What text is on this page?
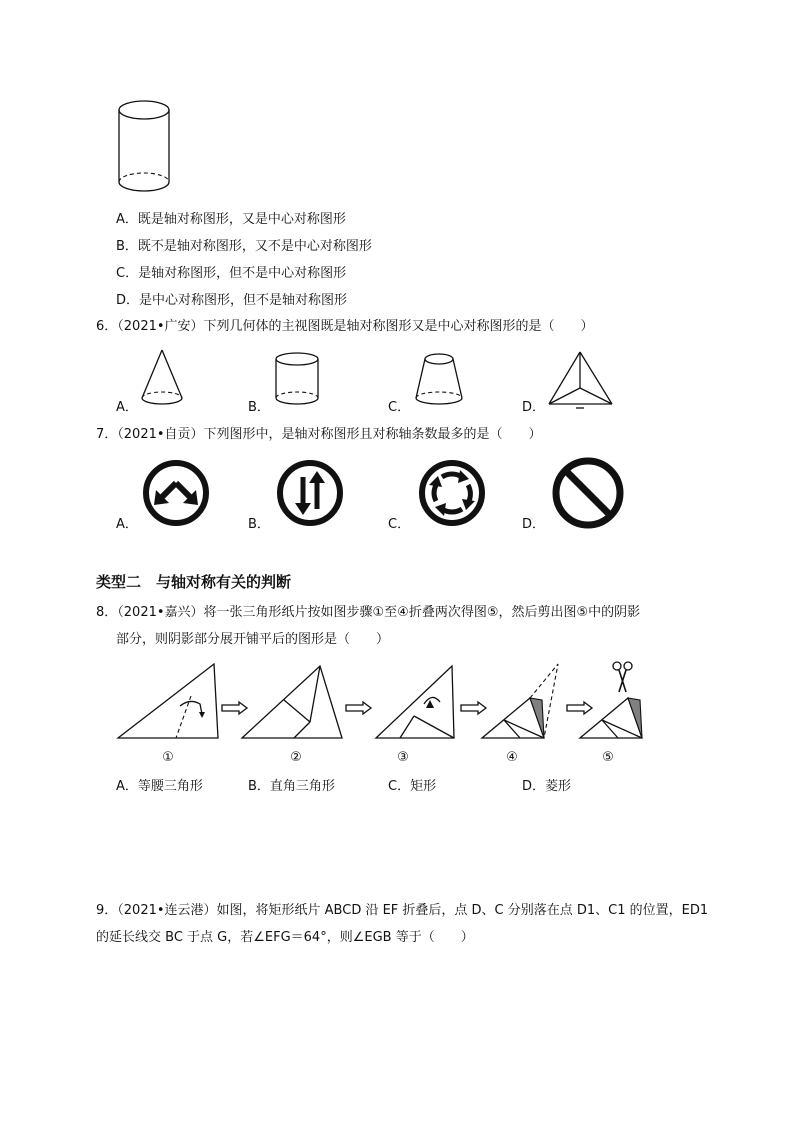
A．既是轴对称图形，又是中心对称图形
B．既不是轴对称图形，又不是中心对称图形
C．是轴对称图形，但不是中心对称图形
D．是中心对称图形，但不是轴对称图形
6．（2021•广安）下列几何体的主视图既是轴对称图形又是中心对称图形的是（　　）
A．	B．	C．	D．
7．（2021•自贡）下列图形中，是轴对称图形且对称轴条数最多的是（　　）
A．	B．	C．	D．
类型二　与轴对称有关的判断
8．（2021•嘉兴）将一张三角形纸片按如图步骤①至④折叠两次得图⑤，然后剪出图⑤中的阴影
部分，则阴影部分展开铺平后的图形是（　　）
①	②	③	④	⑤
A．等腰三角形	B．直角三角形	C．矩形	D．菱形
9．（2021•连云港）如图，将矩形纸片 ABCD 沿 EF 折叠后，点 D、C 分别落在点 D1、C1 的位置，ED1
的延长线交 BC 于点 G，若∠EFG＝64°，则∠EGB 等于（　　）
